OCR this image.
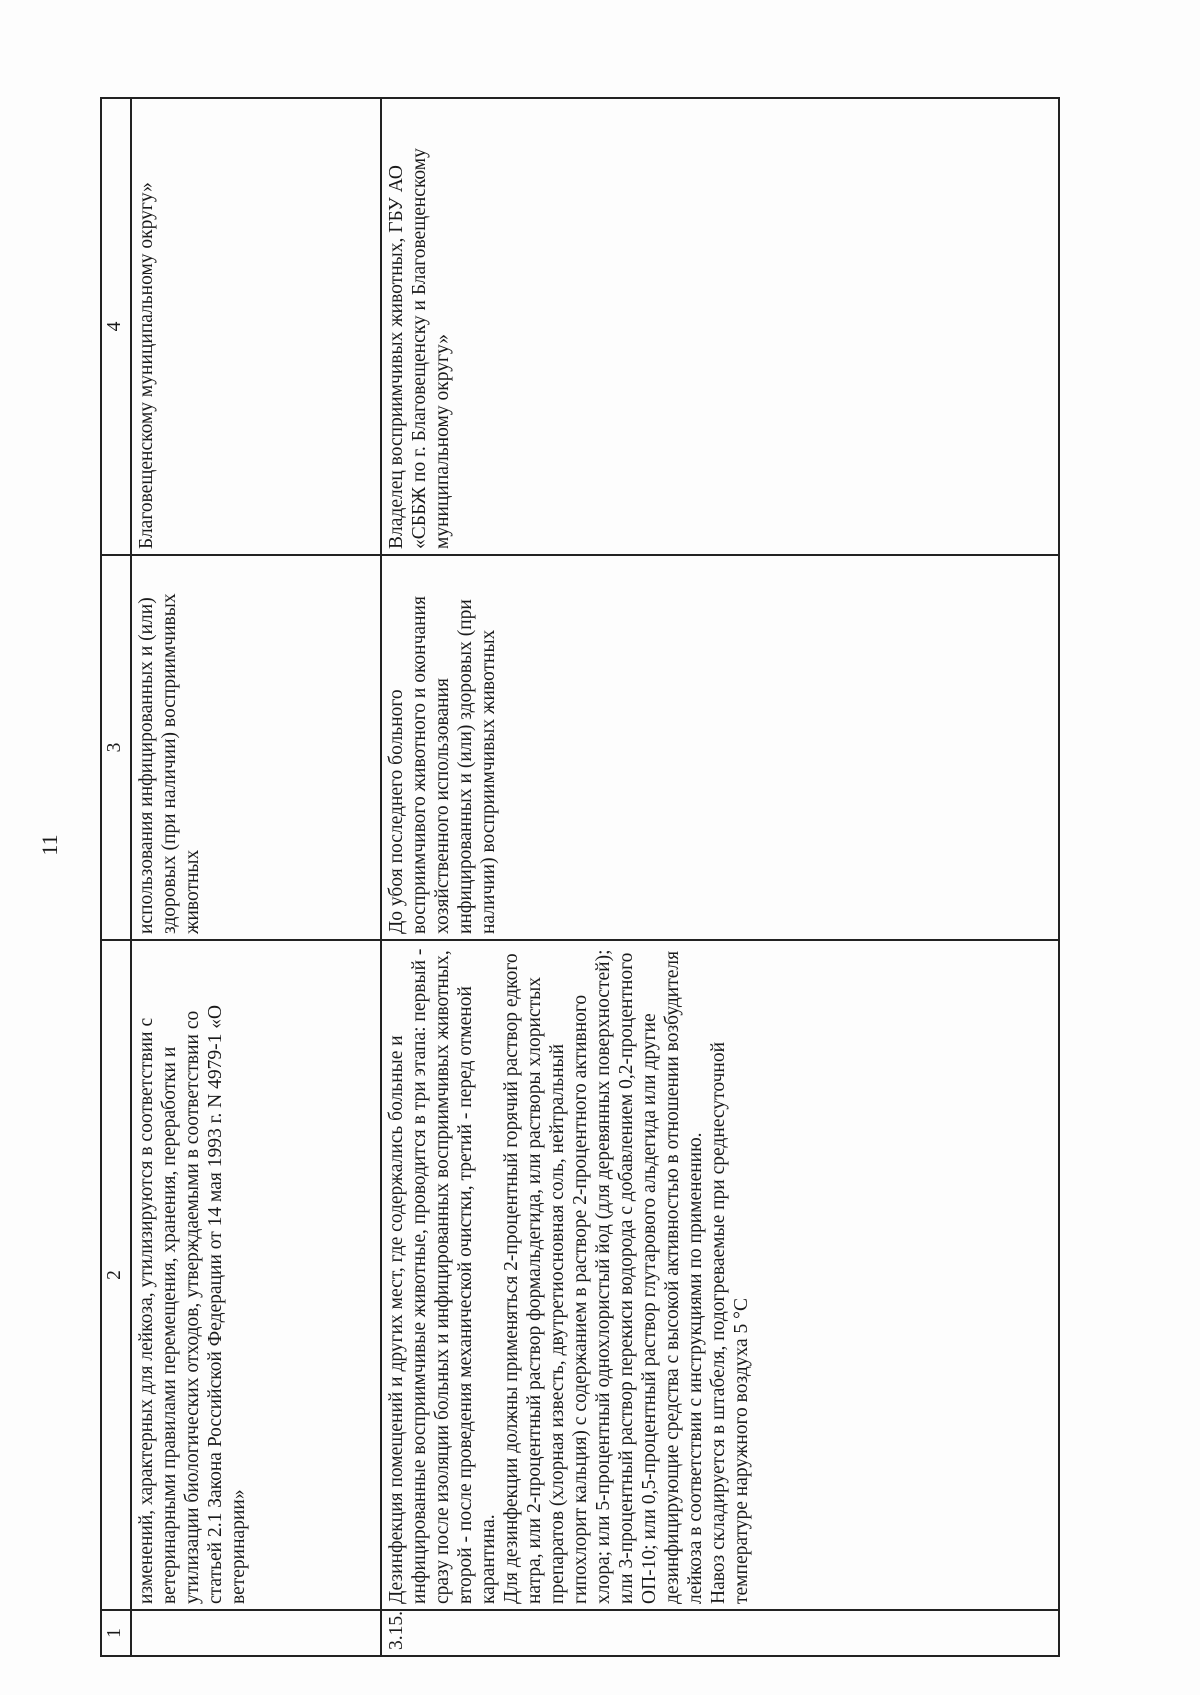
11
1	2	3	4
	изменений, характерных для лейкоза, утилизируются в соответствии с ветеринарными правилами перемещения, хранения, переработки и утилизации биологических отходов, утверждаемыми в соответствии со статьей 2.1 Закона Российской Федерации от 14 мая 1993 г. N 4979-1 «О ветеринарии»	использования инфицированных и (или) здоровых (при наличии) восприимчивых животных	Благовещенскому муниципальному округу»
3.15.	Дезинфекция помещений и других мест, где содержались больные и инфицированные восприимчивые животные, проводится в три этапа: первый - сразу после изоляции больных и инфицированных восприимчивых животных, второй - после проведения механической очистки, третий - перед отменой карантина.
Для дезинфекции должны применяться 2-процентный горячий раствор едкого натра, или 2-процентный раствор формальдегида, или растворы хлористых препаратов (хлорная известь, двутретиосновная соль, нейтральный гипохлорит кальция) с содержанием в растворе 2-процентного активного хлора; или 5-процентный однохлористый йод (для деревянных поверхностей); или 3-процентный раствор перекиси водорода с добавлением 0,2-процентного ОП-10; или 0,5-процентный раствор глутарового альдегида или другие дезинфицирующие средства с высокой активностью в отношении возбудителя лейкоза в соответствии с инструкциями по применению.
Навоз складируется в штабеля, подогреваемые при среднесуточной температуре наружного воздуха 5 °С	До убоя последнего больного восприимчивого животного и окончания хозяйственного использования инфицированных и (или) здоровых (при наличии) восприимчивых животных	Владелец восприимчивых животных, ГБУ АО «СББЖ по г. Благовещенску и Благовещенскому муниципальному округу»
